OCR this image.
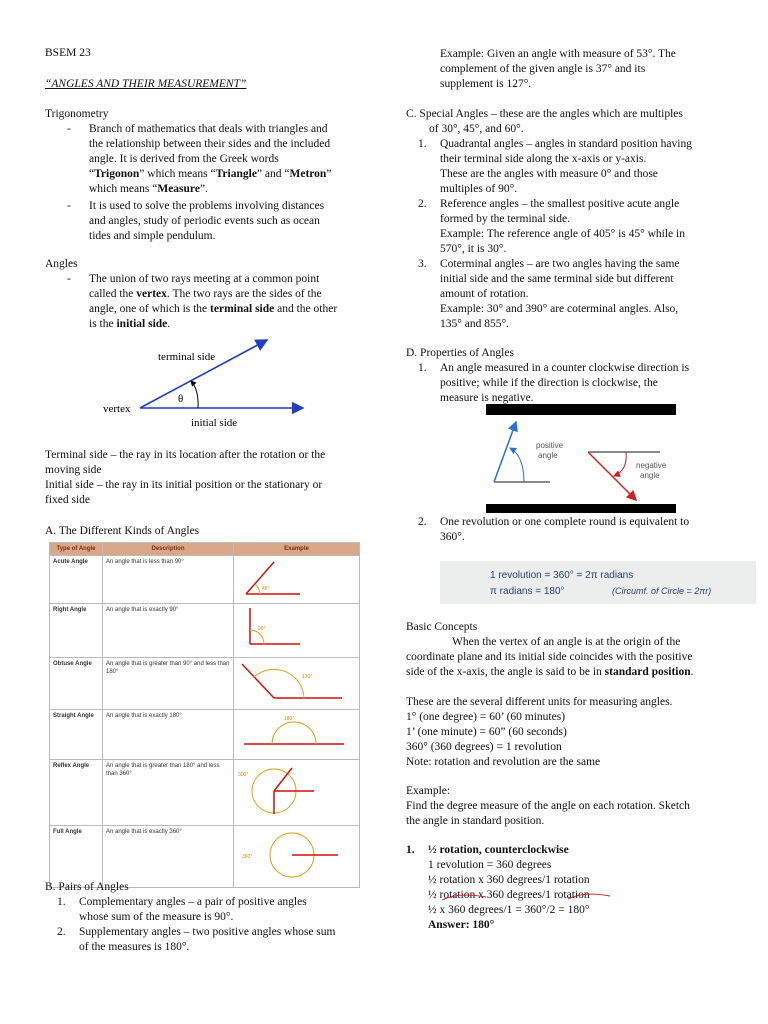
BSEM 23
“ANGLES AND THEIR MEASUREMENT”
Trigonometry
- Branch of mathematics that deals with triangles and

the relationship between their sides and the included

angle. It is derived from the Greek words

“Trigonon” which means “Triangle” and “Metron”

which means “Measure”.

- It is used to solve the problems involving distances

and angles, study of periodic events such as ocean

tides and simple pendulum.

Angles
- The union of two rays meeting at a common point

called the vertex. The two rays are the sides of the

angle, one of which is the terminal side and the other

is the initial side.

terminal side
θ
vertex
initial side

Terminal side – the ray in its location after the rotation or the

moving side

Initial side – the ray in its initial position or the stationary or

fixed side

A. The Different Kinds of Angles
Type of Angle	Description	Example
Acute Angle	An angle that is less than 90°	46°

Right Angle	An angle that is exactly 90°	90°

Obtuse Angle	An angle that is greater than 90° and less than 180°	130°

Straight Angle	An angle that is exactly 180°	180°

Reflex Angle	An angle that is greater than 180° and less than 360°	300°

Full Angle	An angle that is exactly 360°	360°
B. Pairs of Angles
1. Complementary angles – a pair of positive angles

whose sum of the measure is 90°.

2. Supplementary angles – two positive angles whose sum

of the measures is 180°.

Example: Given an angle with measure of 53°. The

complement of the given angle is 37° and its

supplement is 127°.

C. Special Angles – these are the angles which are multiples

of 30°, 45°, and 60°.

1. Quadrantal angles – angles in standard position having

their terminal side along the x-axis or y-axis.

These are the angles with measure 0° and those

multiples of 90°.

2. Reference angles – the smallest positive acute angle

formed by the terminal side.

Example: The reference angle of 405° is 45° while in

570°, it is 30°.

3. Coterminal angles – are two angles having the same

initial side and the same terminal side but different

amount of rotation.

Example: 30° and 390° are coterminal angles. Also,

135° and 855°.

D. Properties of Angles

1. An angle measured in a counter clockwise direction is

positive; while if the direction is clockwise, the

measure is negative.

positive
angle
negative
angle
2. One revolution or one complete round is equivalent to

360°.

1 revolution = 360° = 2π radians
π radians = 180°	(Circumf. of Circle = 2πr)

Basic Concepts

When the vertex of an angle is at the origin of the

coordinate plane and its initial side coincides with the positive

side of the x-axis, the angle is said to be in standard position.

These are the several different units for measuring angles.

1° (one degree) = 60’ (60 minutes)

1’ (one minute) = 60” (60 seconds)

360° (360 degrees) = 1 revolution

Note: rotation and revolution are the same

Example:

Find the degree measure of the angle on each rotation. Sketch

the angle in standard position.

1. ½ rotation, counterclockwise

1 revolution = 360 degrees

½ rotation x 360 degrees/1 rotation

½ rotation x 360 degrees/1 rotation

½ x 360 degrees/1 = 360°/2 = 180°

Answer: 180°
